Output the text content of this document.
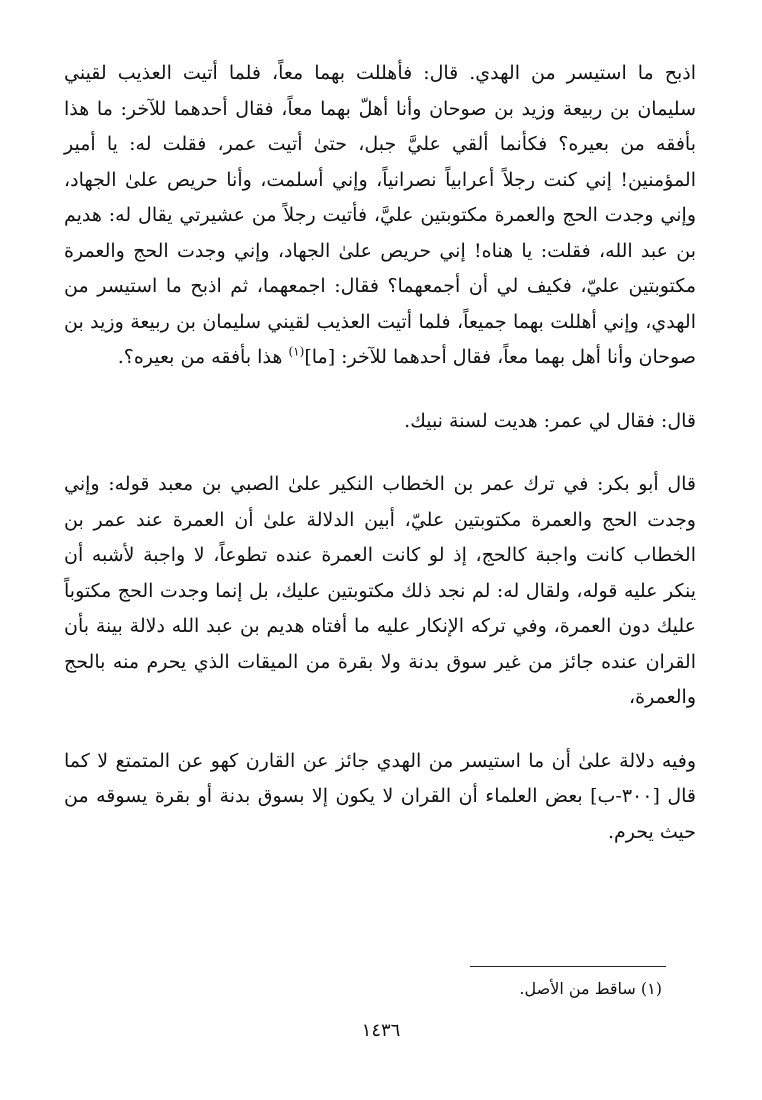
اذبح ما استيسر من الهدي. قال: فأهللت بهما معاً، فلما أتيت العذيب لقيني سليمان بن ربيعة وزيد بن صوحان وأنا أهلّ بهما معاً، فقال أحدهما للآخر: ما هذا بأفقه من بعيره؟ فكأنما ألقي عليَّ جبل، حتىٰ أتيت عمر، فقلت له: يا أمير المؤمنين! إني كنت رجلاً أعرابياً نصرانياً، وإني أسلمت، وأنا حريص علىٰ الجهاد، وإني وجدت الحج والعمرة مكتوبتين عليَّ، فأتيت رجلاً من عشيرتي يقال له: هديم بن عبد الله، فقلت: يا هناه! إني حريص علىٰ الجهاد، وإني وجدت الحج والعمرة مكتوبتين عليّ، فكيف لي أن أجمعهما؟ فقال: اجمعهما، ثم اذبح ما استيسر من الهدي، وإني أهللت بهما جميعاً، فلما أتيت العذيب لقيني سليمان بن ربيعة وزيد بن صوحان وأنا أهل بهما معاً، فقال أحدهما للآخر: [ما]$^{(١)}$ هذا بأفقه من بعيره؟.

قال: فقال لي عمر: هديت لسنة نبيك.

قال أبو بكر: في ترك عمر بن الخطاب النكير علىٰ الصبي بن معبد قوله: وإني وجدت الحج والعمرة مكتوبتين عليّ، أبين الدلالة علىٰ أن العمرة عند عمر بن الخطاب كانت واجبة كالحج، إذ لو كانت العمرة عنده تطوعاً، لا واجبة لأشبه أن ينكر عليه قوله، ولقال له: لم نجد ذلك مكتوبتين عليك، بل إنما وجدت الحج مكتوباً عليك دون العمرة، وفي تركه الإنكار عليه ما أفتاه هديم بن عبد الله دلالة بينة بأن القران عنده جائز من غير سوق بدنة ولا بقرة من الميقات الذي يحرم منه بالحج والعمرة،

وفيه دلالة علىٰ أن ما استيسر من الهدي جائز عن القارن كهو عن المتمتع لا كما قال [٣٠٠-ب] بعض العلماء أن القران لا يكون إلا بسوق بدنة أو بقرة يسوقه من حيث يحرم.

(١) ساقط من الأصل.
١٤٣٦
